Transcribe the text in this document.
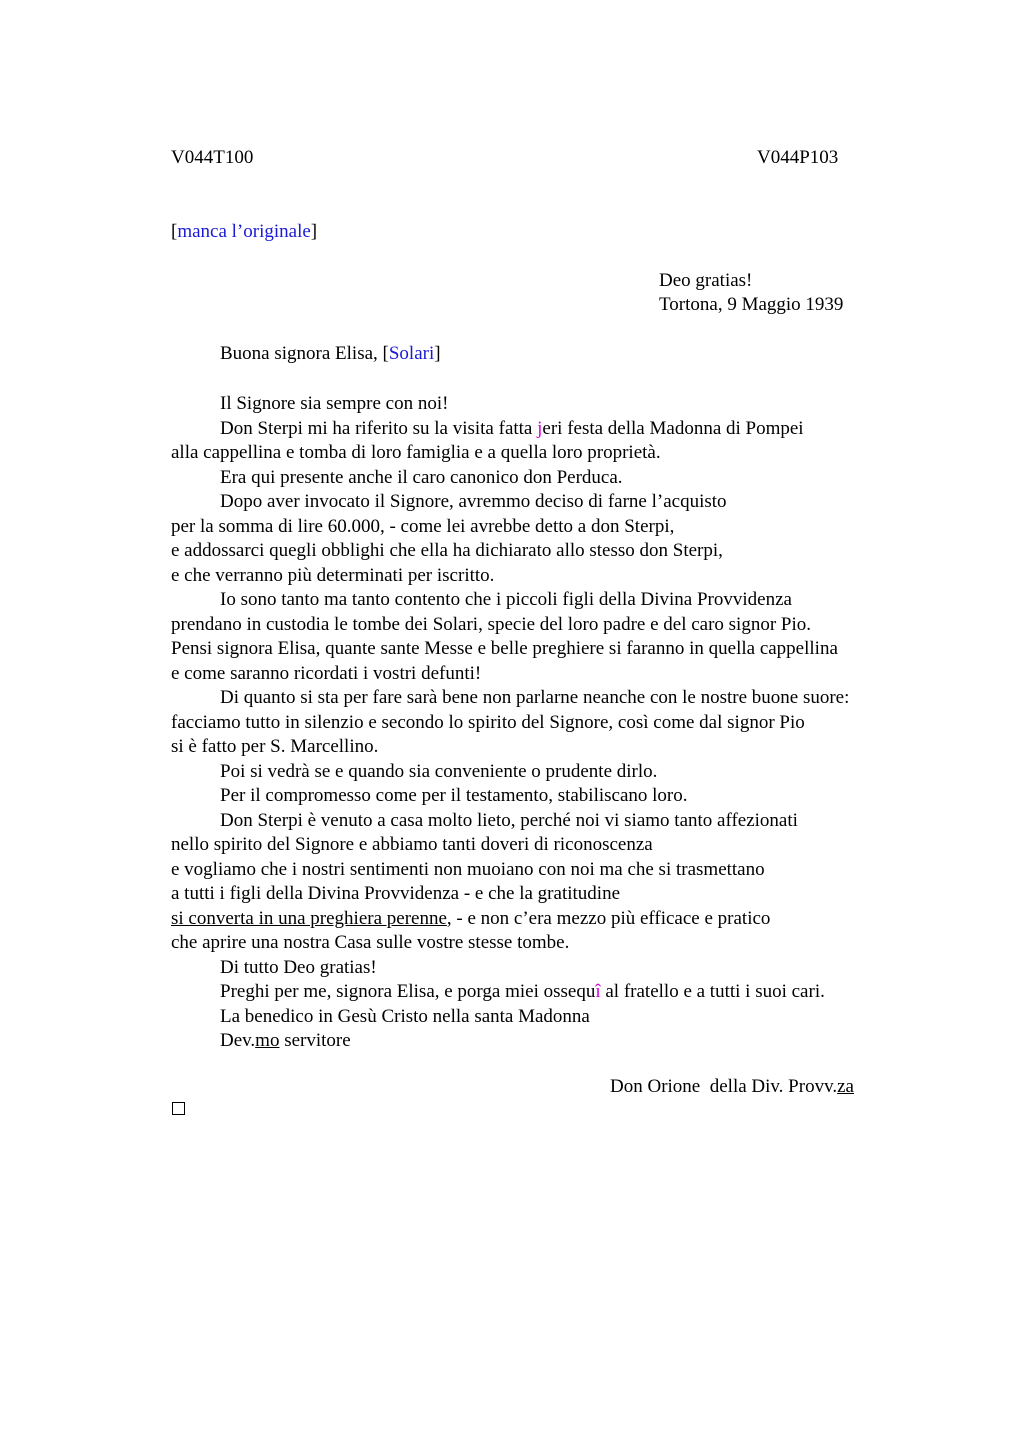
V044T100	V044P103
[manca l’originale]
Deo gratias!
Tortona, 9 Maggio 1939
Buona signora Elisa, [Solari]
Il Signore sia sempre con noi!
Don Sterpi mi ha riferito su la visita fatta jeri festa della Madonna di Pompei
alla cappellina e tomba di loro famiglia e a quella loro proprietà.
Era qui presente anche il caro canonico don Perduca.
Dopo aver invocato il Signore, avremmo deciso di farne l’acquisto
per la somma di lire 60.000, - come lei avrebbe detto a don Sterpi,
e addossarci quegli obblighi che ella ha dichiarato allo stesso don Sterpi,
e che verranno più determinati per iscritto.
Io sono tanto ma tanto contento che i piccoli figli della Divina Provvidenza
prendano in custodia le tombe dei Solari, specie del loro padre e del caro signor Pio.
Pensi signora Elisa, quante sante Messe e belle preghiere si faranno in quella cappellina
e come saranno ricordati i vostri defunti!
Di quanto si sta per fare sarà bene non parlarne neanche con le nostre buone suore:
facciamo tutto in silenzio e secondo lo spirito del Signore, così come dal signor Pio
si è fatto per S. Marcellino.
Poi si vedrà se e quando sia conveniente o prudente dirlo.
Per il compromesso come per il testamento, stabiliscano loro.
Don Sterpi è venuto a casa molto lieto, perché noi vi siamo tanto affezionati
nello spirito del Signore e abbiamo tanti doveri di riconoscenza
e vogliamo che i nostri sentimenti non muoiano con noi ma che si trasmettano
a tutti i figli della Divina Provvidenza - e che la gratitudine
si converta in una preghiera perenne, - e non c’era mezzo più efficace e pratico
che aprire una nostra Casa sulle vostre stesse tombe.
Di tutto Deo gratias!
Preghi per me, signora Elisa, e porga miei ossequî al fratello e a tutti i suoi cari.
La benedico in Gesù Cristo nella santa Madonna
Dev.mo servitore
Don Orione  della Div. Provv.za
